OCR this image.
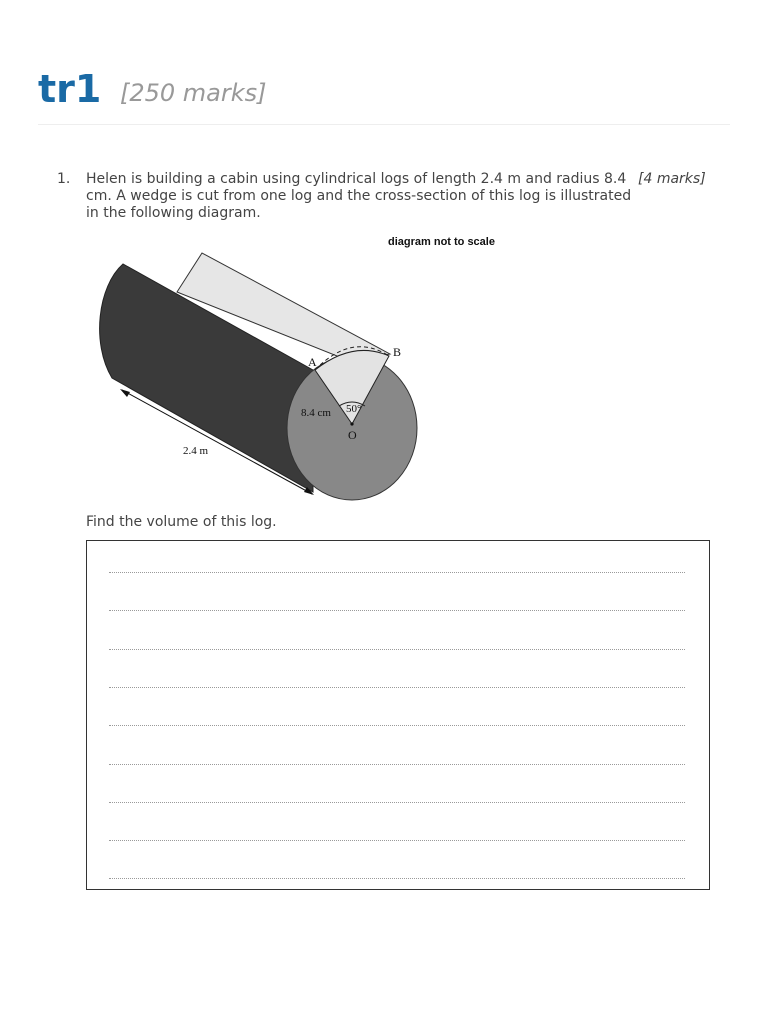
tr1 [250 marks]
1. Helen is building a cabin using cylindrical logs of length 2.4 m and radius 8.4 cm. A wedge is cut from one log and the cross-section of this log is illustrated in the following diagram.
[4 marks]
diagram not to scale
A
B
O
50°
8.4 cm
2.4 m
Find the volume of this log.
